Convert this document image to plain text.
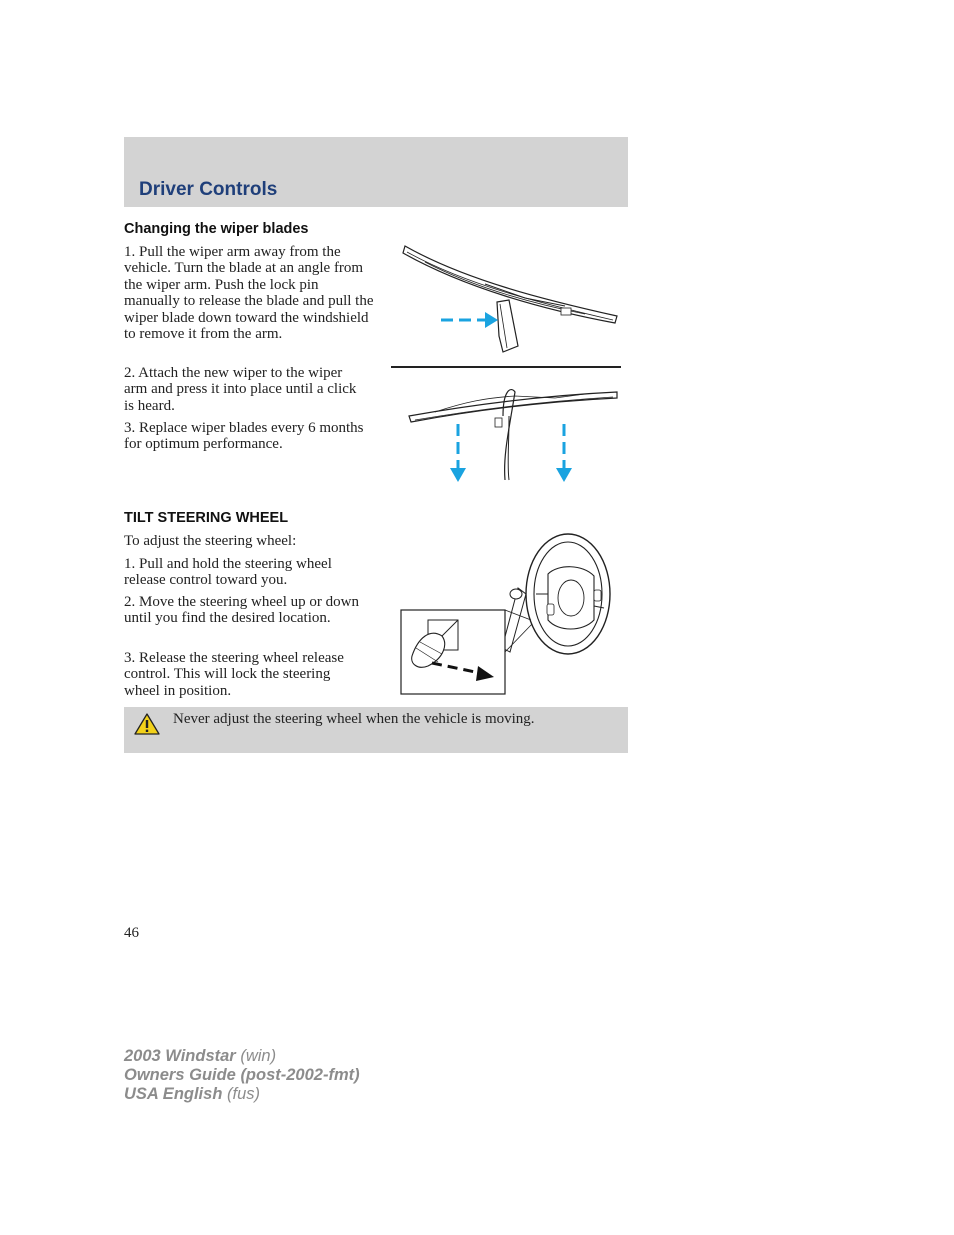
Driver Controls
Changing the wiper blades

1. Pull the wiper arm away from the vehicle. Turn the blade at an angle from the wiper arm. Push the lock pin manually to release the blade and pull the wiper blade down toward the windshield to remove it from the arm.

2. Attach the new wiper to the wiper arm and press it into place until a click is heard.

3. Replace wiper blades every 6 months for optimum performance.

TILT STEERING WHEEL

To adjust the steering wheel:

1. Pull and hold the steering wheel release control toward you.

2. Move the steering wheel up or down until you find the desired location.

3. Release the steering wheel release control. This will lock the steering wheel in position.

Never adjust the steering wheel when the vehicle is moving.

46

2003 Windstar (win)
Owners Guide (post-2002-fmt)
USA English (fus)
